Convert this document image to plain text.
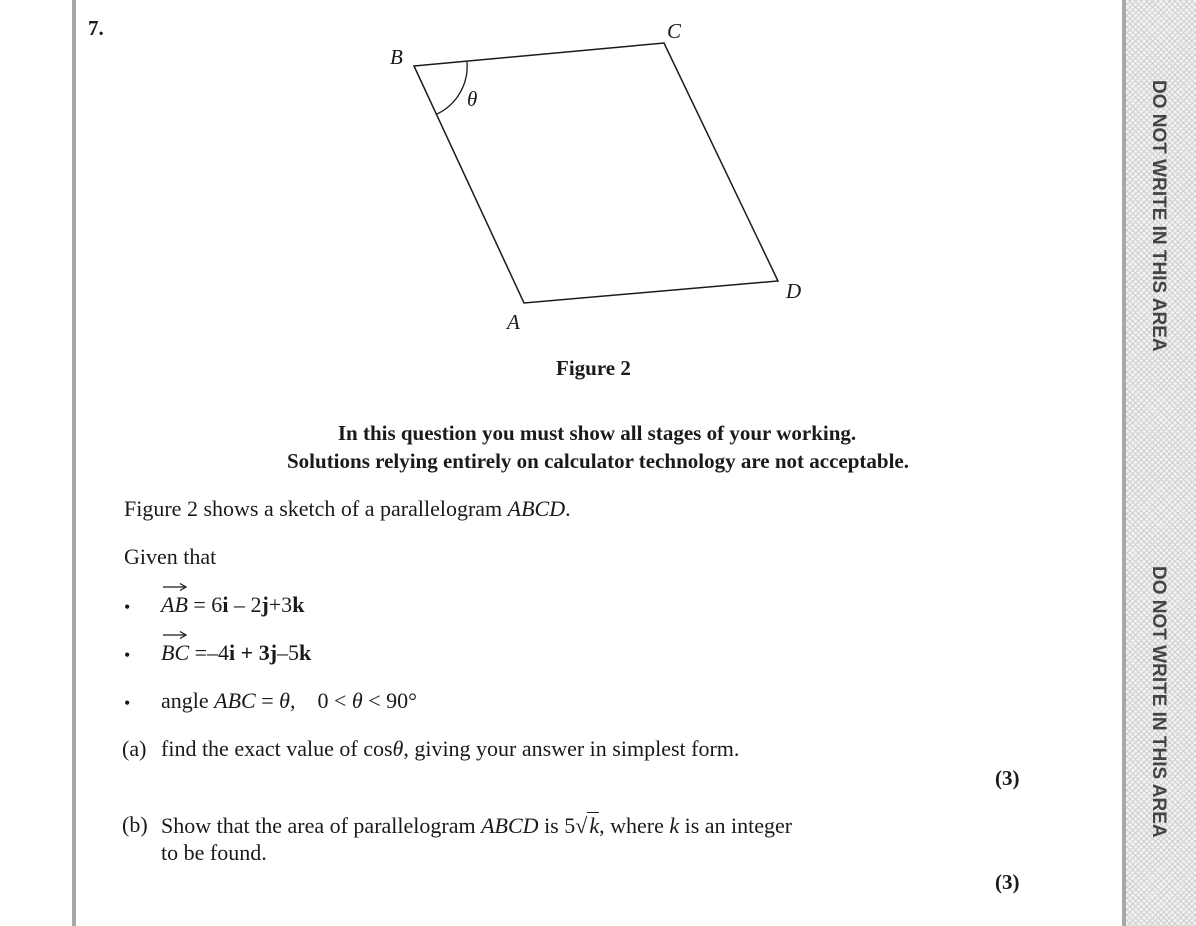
DO NOT WRITE IN THIS AREA
DO NOT WRITE IN THIS AREA
7.
B
C
D
A
θ
Figure 2
In this question you must show all stages of your working.
Solutions relying entirely on calculator technology are not acceptable.
Figure 2 shows a sketch of a parallelogram ABCD.
Given that
• AB = 6i – 2j+3k
• BC =–4i + 3j–5k
• angle ABC = θ,    0 < θ < 90°
(a) find the exact value of cosθ, giving your answer in simplest form.
(3)
(b) Show that the area of parallelogram ABCD is 5√k, where k is an integer
to be found.
(3)
